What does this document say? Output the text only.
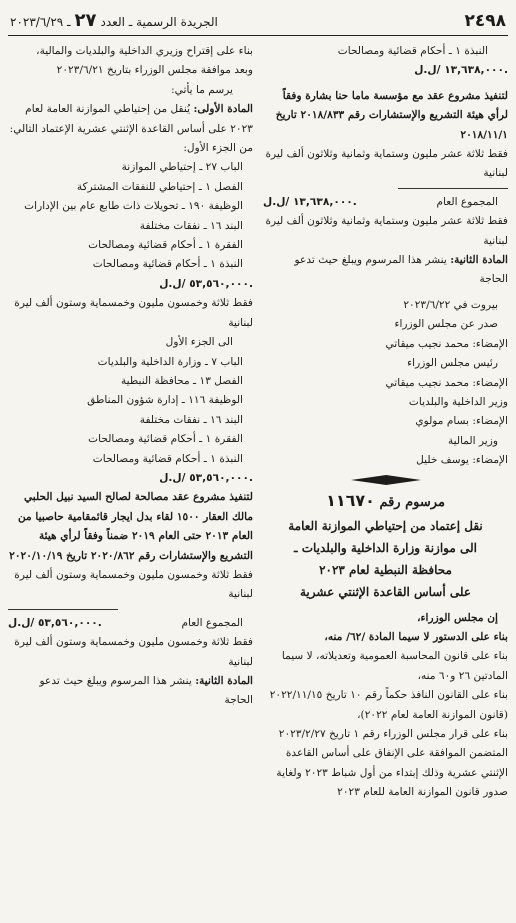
٢٤٩٨
الجريدة الرسمية ـ العدد
٢٧
ـ ٢٠٢٣/٦/٢٩

النبذة ١ ـ أحكام قضائية ومصالحات

١٣,٦٣٨,٠٠٠ /ل.ل.

لتنفيذ مشروع عقد مع مؤسسة ماما حنا بشارة وفقاً لرأي هيئة التشريع والإستشارات رقم ٢٠١٨/٨٣٣ تاريخ ٢٠١٨/١١/١

فقط ثلاثة عشر مليون وستماية وثمانية وثلاثون ألف ليرة لبنانية

المجموع العام
١٣,٦٣٨,٠٠٠ /ل.ل.

فقط ثلاثة عشر مليون وستماية وثمانية وثلاثون ألف ليرة لبنانية

المادة الثانية: ينشر هذا المرسوم ويبلغ حيث تدعو الحاجة

بيروت في ٢٠٢٣/٦/٢٢

صدر عن مجلس الوزراء

الإمضاء: محمد نجيب ميقاتي

رئيس مجلس الوزراء

الإمضاء: محمد نجيب ميقاتي

وزير الداخلية والبلديات

الإمضاء: بسام مولوي

وزير المالية

الإمضاء: يوسف خليل

مرسوم رقم ١١٦٧٠

نقل إعتماد من إحتياطي الموازنة العامة

الى موازنة وزارة الداخلية والبلديات ـ

محافظة النبطية لعام ٢٠٢٣

على أساس القاعدة الإثنتي عشرية

إن مجلس الوزراء،

بناء على الدستور لا سيما المادة /٦٢/ منه،

بناء على قانون المحاسبة العمومية وتعديلاته، لا سيما المادتين ٢٦ و٦٠ منه،

بناء على القانون النافذ حكماً رقم ١٠ تاريخ ٢٠٢٢/١١/١٥ (قانون الموازنة العامة لعام ٢٠٢٢)،

بناء على قرار مجلس الوزراء رقم ١ تاريخ ٢٠٢٣/٢/٢٧ المتضمن الموافقة على الإنفاق على أساس القاعدة الإثنتي عشرية وذلك إبتداء من أول شباط ٢٠٢٣ ولغاية صدور قانون الموازنة العامة للعام ٢٠٢٣

بناء على إقتراح وزيري الداخلية والبلديات والمالية،

وبعد موافقة مجلس الوزراء بتاريخ ٢٠٢٣/٦/٢١

يرسم ما يأتي:

المادة الأولى: يُنقل من إحتياطي الموازنة العامة لعام ٢٠٢٣ على أساس القاعدة الإثنتي عشرية الإعتماد التالي:

من الجزء الأول:

الباب ٢٧ ـ إحتياطي الموازنة

الفصل ١ ـ إحتياطي للنفقات المشتركة

الوظيفة ١٩٠ ـ تحويلات ذات طابع عام بين الإدارات

البند ١٦ ـ نفقات مختلفة

الفقرة ١ ـ أحكام قضائية ومصالحات

النبذة ١ ـ أحكام قضائية ومصالحات

٥٣,٥٦٠,٠٠٠ /ل.ل.

فقط ثلاثة وخمسون مليون وخمسماية وستون ألف ليرة لبنانية

الى الجزء الأول

الباب ٧ ـ وزارة الداخلية والبلديات

الفصل ١٣ ـ محافظة النبطية

الوظيفة ١١٦ ـ إدارة شؤون المناطق

البند ١٦ ـ نفقات مختلفة

الفقرة ١ ـ أحكام قضائية ومصالحات

النبذة ١ ـ أحكام قضائية ومصالحات

٥٣,٥٦٠,٠٠٠ /ل.ل.

لتنفيذ مشروع عقد مصالحة لصالح السيد نبيل الحلبي مالك العقار ١٥٠٠ لقاء بدل ايجار قائمقامية حاصبيا من العام ٢٠١٣ حتى العام ٢٠١٩ ضمناً وفقاً لرأي هيئة التشريع والإستشارات رقم ٢٠٢٠/٨٦٢ تاريخ ٢٠٢٠/١٠/١٩

فقط ثلاثة وخمسون مليون وخمسماية وستون ألف ليرة لبنانية

المجموع العام
٥٣,٥٦٠,٠٠٠ /ل.ل.

فقط ثلاثة وخمسون مليون وخمسماية وستون ألف ليرة لبنانية

المادة الثانية: ينشر هذا المرسوم ويبلغ حيث تدعو الحاجة
